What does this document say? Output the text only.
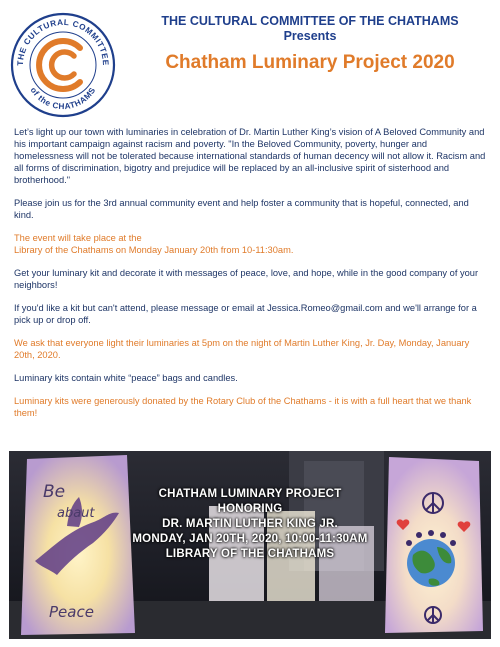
THE CULTURAL COMMITTEE
of the CHATHAMS
THE CULTURAL COMMITTEE OF THE CHATHAMS
Presents
Chatham Luminary Project 2020

Let’s light up our town with luminaries in celebration of Dr. Martin Luther King’s vision of A Beloved Community and his important campaign against racism and poverty. "In the Beloved Community, poverty, hunger and homelessness will not be tolerated because international standards of human decency will not allow it. Racism and all forms of discrimination, bigotry and prejudice will be replaced by an all-inclusive spirit of sisterhood and brotherhood."

Please join us for the 3rd annual community event and help foster a community that is hopeful, connected, and kind.

The event will take place at the
Library of the Chathams on Monday January 20th from 10-11:30am.

Get your luminary kit and decorate it with messages of peace, love, and hope, while in the good company of your neighbors!

If you'd like a kit but can't attend, please message or email at Jessica.Romeo@gmail.com and we'll arrange for a pick up or drop off.

We ask that everyone light their luminaries at 5pm on the night of Martin Luther King, Jr. Day, Monday, January 20th, 2020.

Luminary kits contain white “peace” bags and candles.

Luminary kits were generously donated by the Rotary Club of the Chathams - it is with a full heart that we thank them!

Be
abaut
Peace
CHATHAM LUMINARY PROJECT
HONORING
DR. MARTIN LUTHER KING JR.
MONDAY, JAN 20TH, 2020, 10:00-11:30AM
LIBRARY OF THE CHATHAMS
